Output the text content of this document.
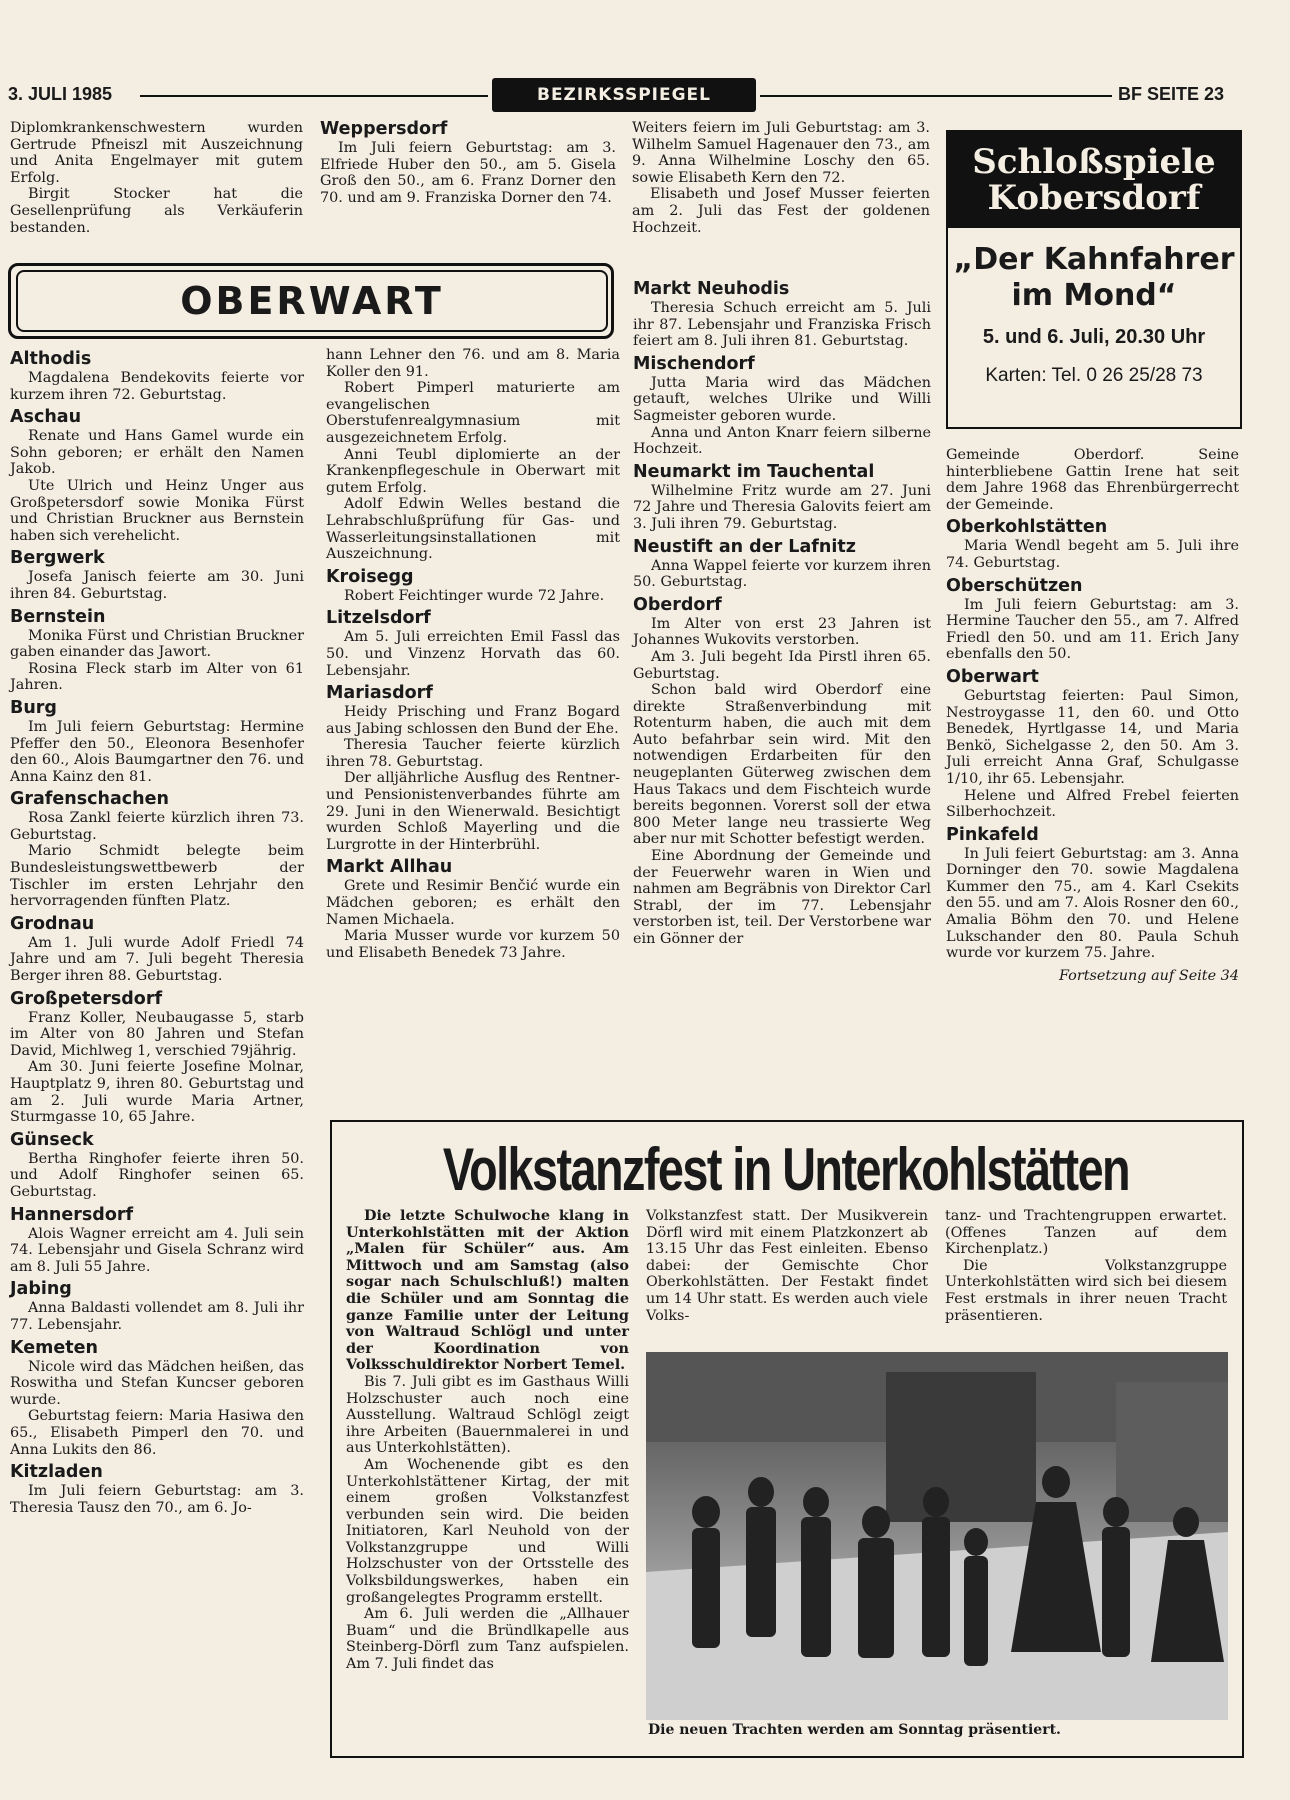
3. JULI 1985	BEZIRKSSPIEGEL	BF SEITE 23

Diplomkrankenschwestern wurden Gertrude Pfneiszl mit Auszeichnung und Anita Engelmayer mit gutem Erfolg.

Birgit Stocker hat die Gesellenprüfung als Verkäuferin bestanden.

Weppersdorf

Im Juli feiern Geburtstag: am 3. Elfriede Huber den 50., am 5. Gisela Groß den 50., am 6. Franz Dorner den 70. und am 9. Franziska Dorner den 74.

Weiters feiern im Juli Geburtstag: am 3. Wilhelm Samuel Hagenauer den 73., am 9. Anna Wilhelmine Loschy den 65. sowie Elisabeth Kern den 72.

Elisabeth und Josef Musser feierten am 2. Juli das Fest der goldenen Hochzeit.

OBERWART
Althodis

Magdalena Bendekovits feierte vor kurzem ihren 72. Geburtstag.

Aschau

Renate und Hans Gamel wurde ein Sohn geboren; er erhält den Namen Jakob.

Ute Ulrich und Heinz Unger aus Großpetersdorf sowie Monika Fürst und Christian Bruckner aus Bernstein haben sich verehelicht.

Bergwerk

Josefa Janisch feierte am 30. Juni ihren 84. Geburtstag.

Bernstein

Monika Fürst und Christian Bruckner gaben einander das Jawort.

Rosina Fleck starb im Alter von 61 Jahren.

Burg

Im Juli feiern Geburtstag: Hermine Pfeffer den 50., Eleonora Besenhofer den 60., Alois Baumgartner den 76. und Anna Kainz den 81.

Grafenschachen

Rosa Zankl feierte kürzlich ihren 73. Geburtstag.

Mario Schmidt belegte beim Bundesleistungswettbewerb der Tischler im ersten Lehrjahr den hervorragenden fünften Platz.

Grodnau

Am 1. Juli wurde Adolf Friedl 74 Jahre und am 7. Juli begeht Theresia Berger ihren 88. Geburtstag.

Großpetersdorf

Franz Koller, Neubaugasse 5, starb im Alter von 80 Jahren und Stefan David, Michlweg 1, verschied 79jährig.

Am 30. Juni feierte Josefine Molnar, Hauptplatz 9, ihren 80. Geburtstag und am 2. Juli wurde Maria Artner, Sturmgasse 10, 65 Jahre.

Günseck

Bertha Ringhofer feierte ihren 50. und Adolf Ringhofer seinen 65. Geburtstag.

Hannersdorf

Alois Wagner erreicht am 4. Juli sein 74. Lebensjahr und Gisela Schranz wird am 8. Juli 55 Jahre.

Jabing

Anna Baldasti vollendet am 8. Juli ihr 77. Lebensjahr.

Kemeten

Nicole wird das Mädchen heißen, das Roswitha und Stefan Kuncser geboren wurde.

Geburtstag feiern: Maria Hasiwa den 65., Elisabeth Pimperl den 70. und Anna Lukits den 86.

Kitzladen

Im Juli feiern Geburtstag: am 3. Theresia Tausz den 70., am 6. Jo-

hann Lehner den 76. und am 8. Maria Koller den 91.

Robert Pimperl maturierte am evangelischen Oberstufenrealgymnasium mit ausgezeichnetem Erfolg.

Anni Teubl diplomierte an der Krankenpflegeschule in Oberwart mit gutem Erfolg.

Adolf Edwin Welles bestand die Lehrabschlußprüfung für Gas- und Wasserleitungsinstallationen mit Auszeichnung.

Kroisegg

Robert Feichtinger wurde 72 Jahre.

Litzelsdorf

Am 5. Juli erreichten Emil Fassl das 50. und Vinzenz Horvath das 60. Lebensjahr.

Mariasdorf

Heidy Prisching und Franz Bogard aus Jabing schlossen den Bund der Ehe.

Theresia Taucher feierte kürzlich ihren 78. Geburtstag.

Der alljährliche Ausflug des Rentner- und Pensionistenverbandes führte am 29. Juni in den Wienerwald. Besichtigt wurden Schloß Mayerling und die Lurgrotte in der Hinterbrühl.

Markt Allhau

Grete und Resimir Benčić wurde ein Mädchen geboren; es erhält den Namen Michaela.

Maria Musser wurde vor kurzem 50 und Elisabeth Benedek 73 Jahre.

Markt Neuhodis

Theresia Schuch erreicht am 5. Juli ihr 87. Lebensjahr und Franziska Frisch feiert am 8. Juli ihren 81. Geburtstag.

Mischendorf

Jutta Maria wird das Mädchen getauft, welches Ulrike und Willi Sagmeister geboren wurde.

Anna und Anton Knarr feiern silberne Hochzeit.

Neumarkt im Tauchental

Wilhelmine Fritz wurde am 27. Juni 72 Jahre und Theresia Galovits feiert am 3. Juli ihren 79. Geburtstag.

Neustift an der Lafnitz

Anna Wappel feierte vor kurzem ihren 50. Geburtstag.

Oberdorf

Im Alter von erst 23 Jahren ist Johannes Wukovits verstorben.

Am 3. Juli begeht Ida Pirstl ihren 65. Geburtstag.

Schon bald wird Oberdorf eine direkte Straßenverbindung mit Rotenturm haben, die auch mit dem Auto befahrbar sein wird. Mit den notwendigen Erdarbeiten für den neugeplanten Güterweg zwischen dem Haus Takacs und dem Fischteich wurde bereits begonnen. Vorerst soll der etwa 800 Meter lange neu trassierte Weg aber nur mit Schotter befestigt werden.

Eine Abordnung der Gemeinde und der Feuerwehr waren in Wien und nahmen am Begräbnis von Direktor Carl Strabl, der im 77. Lebensjahr verstorben ist, teil. Der Verstorbene war ein Gönner der

Schloßspiele
Kobersdorf
„Der Kahnfahrer
im Mond“
5. und 6. Juli, 20.30 Uhr
Karten: Tel. 0 26 25/28 73

Gemeinde Oberdorf. Seine hinterbliebene Gattin Irene hat seit dem Jahre 1968 das Ehrenbürgerrecht der Gemeinde.

Oberkohlstätten

Maria Wendl begeht am 5. Juli ihre 74. Geburtstag.

Oberschützen

Im Juli feiern Geburtstag: am 3. Hermine Taucher den 55., am 7. Alfred Friedl den 50. und am 11. Erich Jany ebenfalls den 50.

Oberwart

Geburtstag feierten: Paul Simon, Nestroygasse 11, den 60. und Otto Benedek, Hyrtlgasse 14, und Maria Benkö, Sichelgasse 2, den 50. Am 3. Juli erreicht Anna Graf, Schulgasse 1/10, ihr 65. Lebensjahr.

Helene und Alfred Frebel feierten Silberhochzeit.

Pinkafeld

In Juli feiert Geburtstag: am 3. Anna Dorninger den 70. sowie Magdalena Kummer den 75., am 4. Karl Csekits den 55. und am 7. Alois Rosner den 60., Amalia Böhm den 70. und Helene Lukschander den 80. Paula Schuh wurde vor kurzem 75. Jahre.

Fortsetzung auf Seite 34
Volkstanzfest in Unterkohlstätten

Die letzte Schulwoche klang in Unterkohlstätten mit der Aktion „Malen für Schüler“ aus. Am Mittwoch und am Samstag (also sogar nach Schulschluß!) malten die Schüler und am Sonntag die ganze Familie unter der Leitung von Waltraud Schlögl und unter der Koordination von Volksschuldirektor Norbert Temel.

Bis 7. Juli gibt es im Gasthaus Willi Holzschuster auch noch eine Ausstellung. Waltraud Schlögl zeigt ihre Arbeiten (Bauernmalerei in und aus Unterkohlstätten).

Am Wochenende gibt es den Unterkohlstättener Kirtag, der mit einem großen Volkstanzfest verbunden sein wird. Die beiden Initiatoren, Karl Neuhold von der Volkstanzgruppe und Willi Holzschuster von der Ortsstelle des Volksbildungswerkes, haben ein großangelegtes Programm erstellt.

Am 6. Juli werden die „Allhauer Buam“ und die Bründlkapelle aus Steinberg-Dörfl zum Tanz aufspielen. Am 7. Juli findet das

Volkstanzfest statt. Der Musikverein Dörfl wird mit einem Platzkonzert ab 13.15 Uhr das Fest einleiten. Ebenso dabei: der Gemischte Chor Oberkohlstätten. Der Festakt findet um 14 Uhr statt. Es werden auch viele Volks-

tanz- und Trachtengruppen erwartet. (Offenes Tanzen auf dem Kirchenplatz.)

Die Volkstanzgruppe Unterkohlstätten wird sich bei diesem Fest erstmals in ihrer neuen Tracht präsentieren.

Die neuen Trachten werden am Sonntag präsentiert.
